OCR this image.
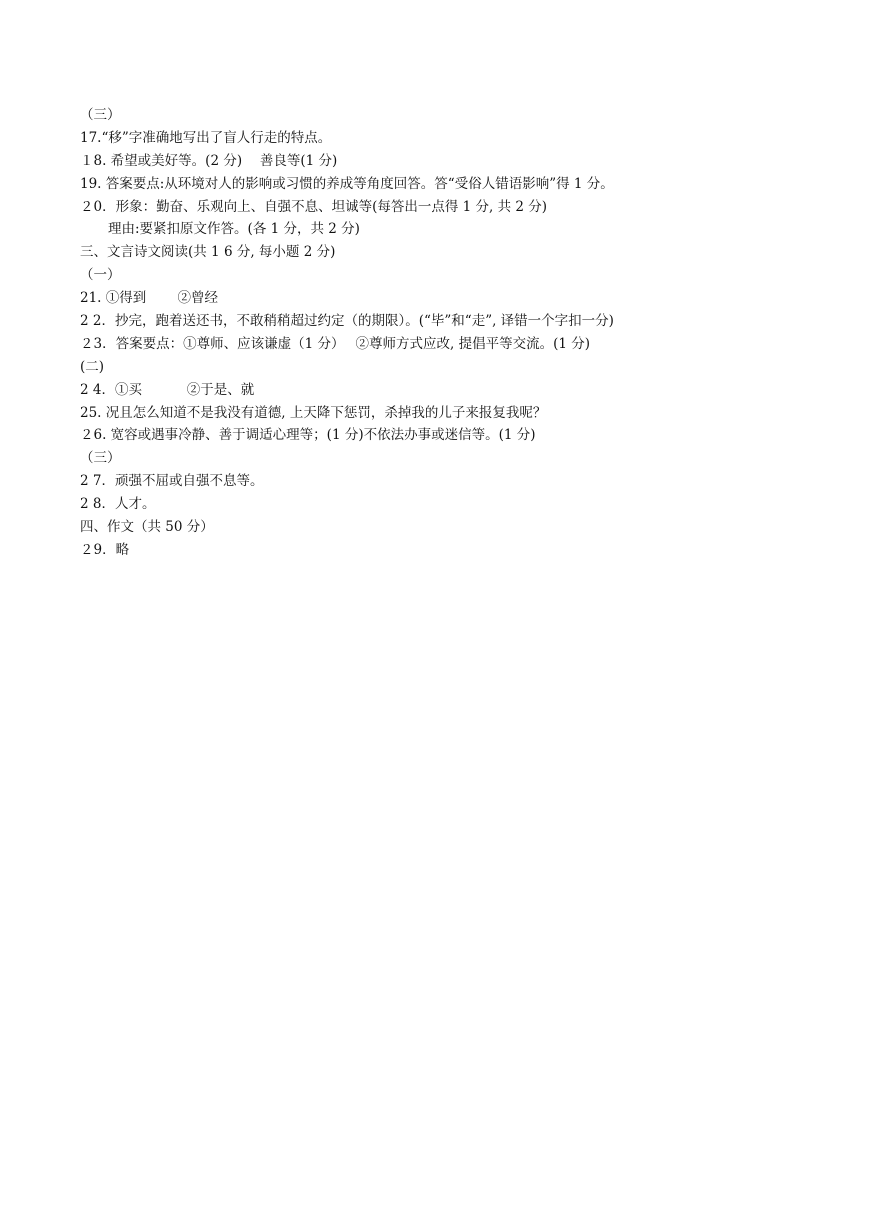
（三）
17.“移”字准确地写出了盲人行走的特点。
１8. 希望或美好等。(2 分)　 善良等(1 分)
19. 答案要点:从环境对人的影响或习惯的养成等角度回答。答“受俗人错语影响”得 1 分。
２0．形象：勤奋、乐观向上、自强不息、坦诚等(每答出一点得 1 分, 共 2 分)
理由:要紧扣原文作答。(各 1 分，共 2 分)
三、文言诗文阅读(共 1 6 分, 每小题 2 分)
（一）
21. ①得到　　 ②曾经
2 2．抄完，跑着送还书，不敢稍稍超过约定（的期限）。(“毕”和“走”, 译错一个字扣一分)
２3．答案要点：①尊师、应该谦虚（1 分）　 ②尊师方式应改, 提倡平等交流。(1 分)
(二)
2 4．①买　　　 ②于是、就
25. 况且怎么知道不是我没有道德, 上天降下惩罚，杀掉我的儿子来报复我呢？
２6. 宽容或遇事冷静、善于调适心理等；(1 分)不依法办事或迷信等。(1 分)
（三）
2 7．顽强不屈或自强不息等。
2 8．人才。
四、作文（共 50 分）
２9．略
